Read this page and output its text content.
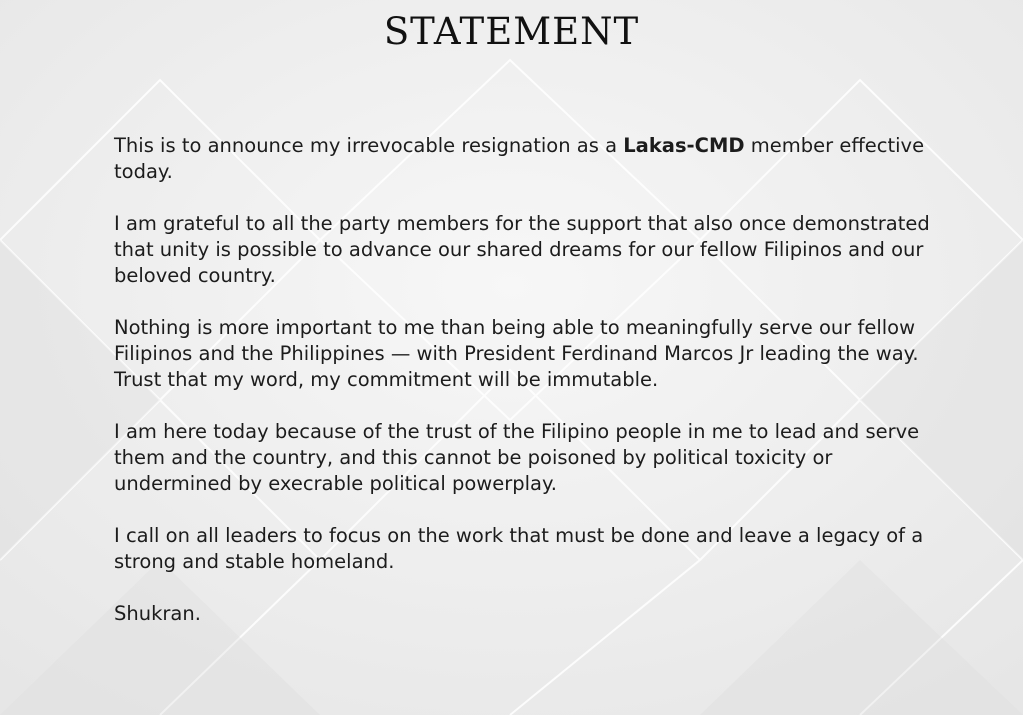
STATEMENT

This is to announce my irrevocable resignation as a Lakas-CMD member effective today.

I am grateful to all the party members for the support that also once demonstrated that unity is possible to advance our shared dreams for our fellow Filipinos and our beloved country.

Nothing is more important to me than being able to meaningfully serve our fellow Filipinos and the Philippines — with President Ferdinand Marcos Jr leading the way. Trust that my word, my commitment will be immutable.

I am here today because of the trust of the Filipino people in me to lead and serve them and the country, and this cannot be poisoned by political toxicity or undermined by execrable political powerplay.

I call on all leaders to focus on the work that must be done and leave a legacy of a strong and stable homeland.

Shukran.
